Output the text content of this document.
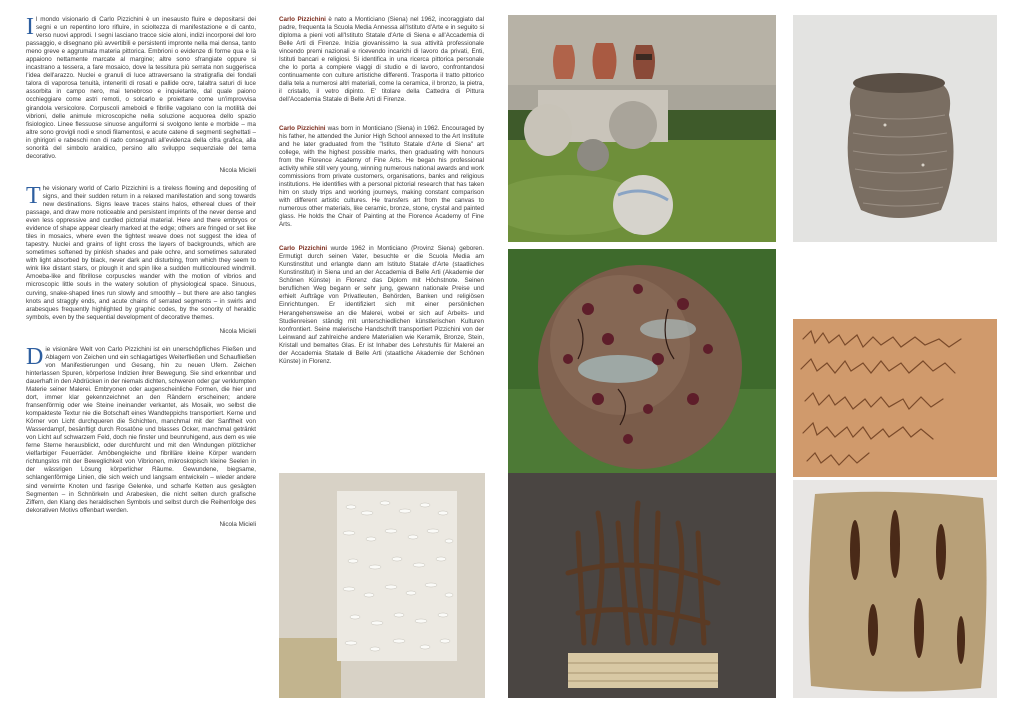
I l mondo visionario di Carlo Pizzichini è un inesausto fluire e depositarsi dei segni e un repentino loro rifluire, in scioltezza di manifestazione e di canto, verso nuovi approdi. I segni lasciano tracce sicie aloni, indizi incorporei del loro passaggio, e disegnano più avvertibili e persistenti impronte nella mai densa, tanto meno greve e aggrumata materia pittorica. Embrioni o evidenze di forme qua e là appaiono nettamente marcate al margine; altre sono sfrangiate oppure si incastrano a tessera, a fare mosaico, dove la tessitura più serrata non suggerisca l'idea dell'arazzo. Nuclei e granuli di luce attraversano la stratigrafia dei fondali talora di vaporosa tenuità, inteneriti di rosati e pallide ocre, talaltra saturi di luce assorbita in campo nero, mai tenebroso e inquietante, dal quale paiono occhieggiare come astri remoti, o solcarlo e proiettare come un'improvvisa girandola versicolore. Corpuscoli ameboidi e fibrille vagolano con la motilità dei vibrioni, delle animule microscopiche nella soluzione acquorea dello spazio fisiologico. Linee flessuose sinuose anguiformi si svolgono lente e morbide – ma altre sono grovigli nodi e snodi filamentosi, e acute catene di segmenti seghettati – in ghirigori e rabeschi non di rado consegnati all'evidenza della cifra grafica, alla sonorità del simbolo araldico, persino allo sviluppo sequenziale del tema decorativo.

Nicola Micieli
T he visionary world of Carlo Pizzichini is a tireless flowing and depositing of signs, and their sudden return in a relaxed manifestation and song towards new destinations. Signs leave traces stains halos, ethereal clues of their passage, and draw more noticeable and persistent imprints of the never dense and even less oppressive and curdled pictorial material. Here and there embryos or evidence of shape appear clearly marked at the edge; others are fringed or set like tiles in mosaics, where even the tightest weave does not suggest the idea of tapestry. Nuclei and grains of light cross the layers of backgrounds, which are sometimes softened by pinkish shades and pale ochre, and sometimes saturated with light absorbed by black, never dark and disturbing, from which they seem to wink like distant stars, or plough it and spin like a sudden multicoloured windmill. Amoeba-like and fibrillose corpuscles wander with the motion of vibrios and microscopic little souls in the watery solution of physiological space. Sinuous, curving, snake-shaped lines run slowly and smoothly – but there are also tangles knots and straggly ends, and acute chains of serrated segments – in swirls and arabesques frequently highlighted by graphic codes, by the sonority of heraldic symbols, even by the sequential development of decorative themes.

Nicola Micieli
D ie visionäre Welt von Carlo Pizzichini ist ein unerschöpfliches Fließen und Ablagern von Zeichen und ein schlagartiges Weiterfließen und Schaufließen von Manifestierungen und Gesang, hin zu neuen Ufern. Zeichen hinterlassen Spuren, körperlose Indizien ihrer Bewegung. Sie sind erkennbar und dauerhaft in den Abdrücken in der niemals dichten, schweren oder gar verklumpten Materie seiner Malerei. Embryonen oder augenscheinliche Formen, die hier und dort, immer klar gekennzeichnet an den Rändern erscheinen; andere fransenförmig oder wie Steine ineinander verkantet, als Mosaik, wo selbst die kompakteste Textur nie die Botschaft eines Wandteppichs transportiert. Kerne und Körner von Licht durchqueren die Schichten, manchmal mit der Sanftheit von Wasserdampf, besänftigt durch Rosatöne und blasses Ocker, manchmal getränkt von Licht auf schwarzem Feld, doch nie finster und beunruhigend, aus dem es wie ferne Sterne herausblickt, oder durchfurcht und mit den Windungen plötzlicher vielfarbiger Feuerräder. Amöbengleiche und fibrilläre kleine Körper wandern richtungslos mit der Beweglichkeit von Vibrionen, mikroskopisch kleine Seelen in der wässrigen Lösung körperlicher Räume. Gewundene, biegsame, schlangenförmige Linien, die sich weich und langsam entwickeln – wieder andere sind verwirrte Knoten und fasrige Gelenke, und scharfe Ketten aus gesägten Segmenten – in Schnörkeln und Arabesken, die nicht selten durch grafische Ziffern, den Klang des heraldischen Symbols und selbst durch die Reihenfolge des dekorativen Motivs offenbart werden.

Nicola Micieli

Carlo Pizzichini è nato a Monticiano (Siena) nel 1962, incoraggiato dal padre, frequenta la Scuola Media Annessa all'Istituto d'Arte e in seguito si diploma a pieni voti all'Istituto Statale d'Arte di Siena e all'Accademia di Belle Arti di Firenze. Inizia giovanissimo la sua attività professionale vincendo premi nazionali e ricevendo incarichi di lavoro da privati, Enti, Istituti bancari e religiosi. Si identifica in una ricerca pittorica personale che lo porta a compiere viaggi di studio e di lavoro, confrontandosi continuamente con culture artistiche differenti. Trasporta il tratto pittorico dalla tela a numerosi altri materiali, come la ceramica, il bronzo, la pietra, il cristallo, il vetro dipinto. E' titolare della Cattedra di Pittura dell'Accademia Statale di Belle Arti di Firenze.

Carlo Pizzichini was born in Monticiano (Siena) in 1962. Encouraged by his father, he attended the Junior High School annexed to the Art Institute and he later graduated from the "Istituto Statale d'Arte di Siena" art college, with the highest possible marks, then graduating with honours from the Florence Academy of Fine Arts. He began his professional activity while still very young, winning numerous national awards and work commissions from private customers, organisations, banks and religious institutions. He identifies with a personal pictorial research that has taken him on study trips and working journeys, making constant comparison with different artistic cultures. He transfers art from the canvas to numerous other materials, like ceramic, bronze, stone, crystal and painted glass. He holds the Chair of Painting at the Florence Academy of Fine Arts.

Carlo Pizzichini wurde 1962 in Monticiano (Provinz Siena) geboren. Ermutigt durch seinen Vater, besuchte er die Scuola Media am Kunstinstitut und erlangte dann am Istituto Statale d'Arte (staatliches Kunstinstitut) in Siena und an der Accademia di Belle Arti (Akademie der Schönen Künste) in Florenz das Diplom mit Höchstnote. Seinen beruflichen Weg begann er sehr jung, gewann nationale Preise und erhielt Aufträge von Privatleuten, Behörden, Banken und religiösen Einrichtungen. Er identifiziert sich mit einer persönlichen Herangehensweise an die Malerei, wobei er sich auf Arbeits- und Studienreisen ständig mit unterschiedlichen künstlerischen Kulturen konfrontiert. Seine malerische Handschrift transportiert Pizzichini von der Leinwand auf zahlreiche andere Materialien wie Keramik, Bronze, Stein, Kristall und bemaltes Glas. Er ist Inhaber des Lehrstuhls für Malerei an der Accademia Statale di Belle Arti (staatliche Akademie der Schönen Künste) in Florenz.
